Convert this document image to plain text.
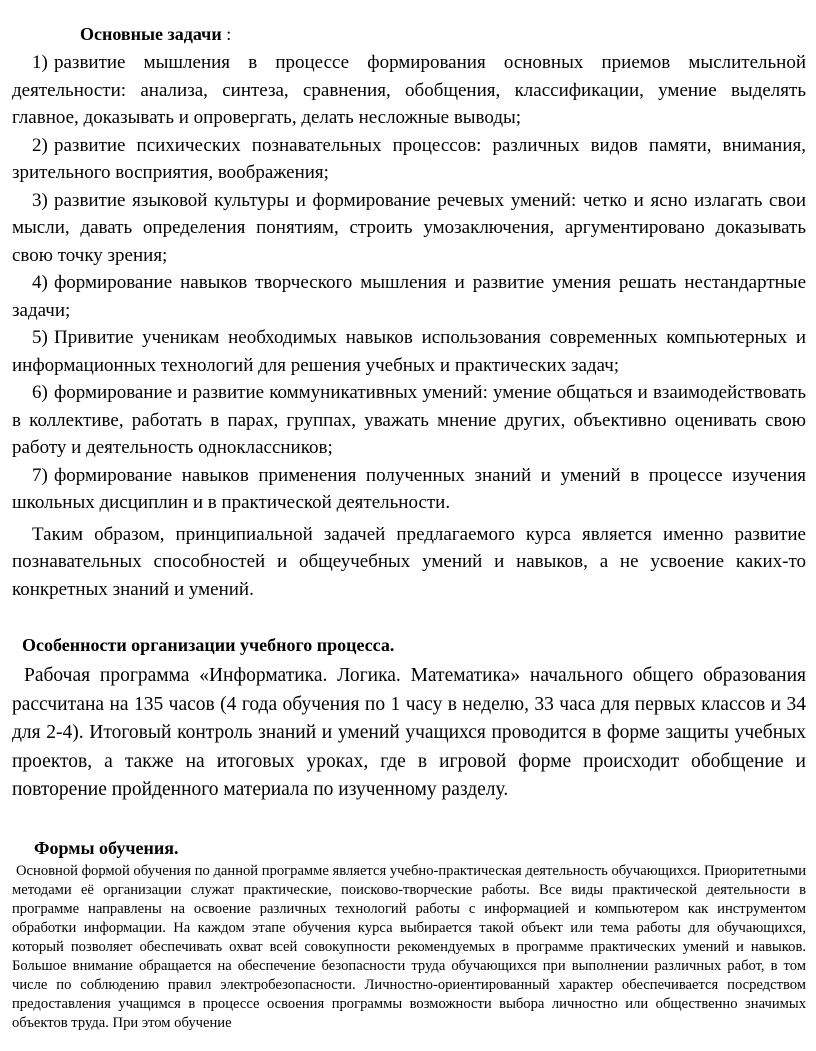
Основные задачи :

1) развитие мышления в процессе формирования основных приемов мыслительной деятельности: анализа, синтеза, сравнения, обобщения, классификации, умение выделять главное, доказывать и опровергать, делать несложные выводы;

2) развитие психических познавательных процессов: различных видов памяти, внимания, зрительного восприятия, воображения;

3) развитие языковой культуры и формирование речевых умений: четко и ясно излагать свои мысли, давать определения понятиям, строить умозаключения, аргументировано доказывать свою точку зрения;

4) формирование навыков творческого мышления и развитие умения решать нестандартные задачи;

5) Привитие ученикам необходимых навыков использования современных компьютерных и информационных технологий для решения учебных и практических задач;

6) формирование и развитие коммуникативных умений: умение общаться и взаимодействовать в коллективе, работать в парах, группах, уважать мнение других, объективно оценивать свою работу и деятельность одноклассников;

7) формирование навыков применения полученных знаний и умений в процессе изучения школьных дисциплин и в практической деятельности.

Таким образом, принципиальной задачей предлагаемого курса является именно развитие познавательных способностей и общеучебных умений и навыков, а не усвоение каких-то конкретных знаний и умений.

Особенности организации учебного процесса.

Рабочая программа «Информатика. Логика. Математика» начального общего образования рассчитана на 135 часов (4 года обучения по 1 часу в неделю, 33 часа для первых классов и 34 для 2-4). Итоговый контроль знаний и умений учащихся проводится в форме защиты учебных проектов, а также на итоговых уроках, где в игровой форме происходит обобщение и повторение пройденного материала по изученному разделу.

Формы обучения.

Основной формой обучения по данной программе является учебно-практическая деятельность обучающихся. Приоритетными методами её организации служат практические, поисково-творческие работы. Все виды практической деятельности в программе направлены на освоение различных технологий работы с информацией и компьютером как инструментом обработки информации. На каждом этапе обучения курса выбирается такой объект или тема работы для обучающихся, который позволяет обеспечивать охват всей совокупности рекомендуемых в программе практических умений и навыков. Большое внимание обращается на обеспечение безопасности труда обучающихся при выполнении различных работ, в том числе по соблюдению правил электробезопасности. Личностно-ориентированный характер обеспечивается посредством предоставления учащимся в процессе освоения программы возможности выбора личностно или общественно значимых объектов труда. При этом обучение
